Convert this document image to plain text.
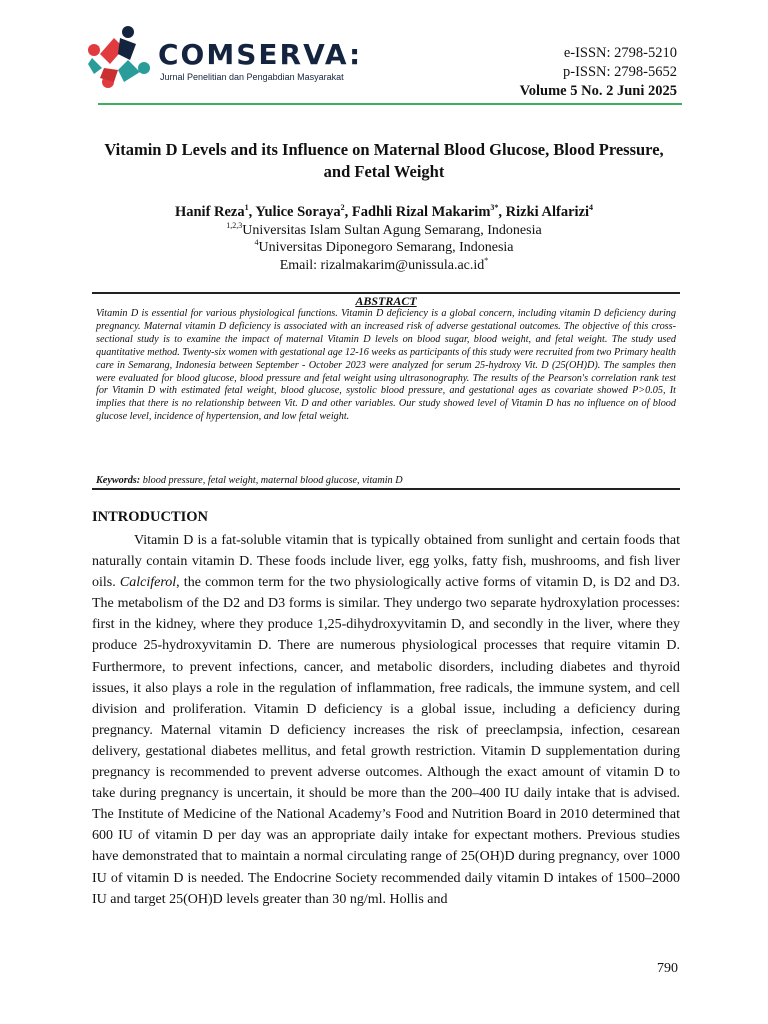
COMSERVA:
Jurnal Penelitian dan Pengabdian Masyarakat
e-ISSN: 2798-5210
p-ISSN: 2798-5652
Volume 5 No. 2 Juni 2025
Vitamin D Levels and its Influence on Maternal Blood Glucose, Blood Pressure, and Fetal Weight
Hanif Reza$^1$, Yulice Soraya$^2$, Fadhli Rizal Makarim$^{3*}$, Rizki Alfarizi$^4$
$^{1,2,3}$Universitas Islam Sultan Agung Semarang, Indonesia
$^4$Universitas Diponegoro Semarang, Indonesia
Email: rizalmakarim@unissula.ac.id*
ABSTRACT
Vitamin D is essential for various physiological functions. Vitamin D deficiency is a global concern, including vitamin D deficiency during pregnancy. Maternal vitamin D deficiency is associated with an increased risk of adverse gestational outcomes. The objective of this cross-sectional study is to examine the impact of maternal Vitamin D levels on blood sugar, blood weight, and fetal weight. The study used quantitative method. Twenty-six women with gestational age 12-16 weeks as participants of this study were recruited from two Primary health care in Semarang, Indonesia between September - October 2023 were analyzed for serum 25-hydroxy Vit. D (25(OH)D). The samples then were evaluated for blood glucose, blood pressure and fetal weight using ultrasonography. The results of the Pearson's correlation rank test for Vitamin D with estimated fetal weight, blood glucose, systolic blood pressure, and gestational ages as covariate showed P>0.05, It implies that there is no relationship between Vit. D and other variables. Our study showed level of Vitamin D has no influence on of blood glucose level, incidence of hypertension, and low fetal weight.
Keywords: blood pressure, fetal weight, maternal blood glucose, vitamin D
INTRODUCTION
Vitamin D is a fat-soluble vitamin that is typically obtained from sunlight and certain foods that naturally contain vitamin D. These foods include liver, egg yolks, fatty fish, mushrooms, and fish liver oils. Calciferol, the common term for the two physiologically active forms of vitamin D, is D2 and D3. The metabolism of the D2 and D3 forms is similar. They undergo two separate hydroxylation processes: first in the kidney, where they produce 1,25-dihydroxyvitamin D, and secondly in the liver, where they produce 25-hydroxyvitamin D. There are numerous physiological processes that require vitamin D. Furthermore, to prevent infections, cancer, and metabolic disorders, including diabetes and thyroid issues, it also plays a role in the regulation of inflammation, free radicals, the immune system, and cell division and proliferation. Vitamin D deficiency is a global issue, including a deficiency during pregnancy. Maternal vitamin D deficiency increases the risk of preeclampsia, infection, cesarean delivery, gestational diabetes mellitus, and fetal growth restriction. Vitamin D supplementation during pregnancy is recommended to prevent adverse outcomes. Although the exact amount of vitamin D to take during pregnancy is uncertain, it should be more than the 200–400 IU daily intake that is advised. The Institute of Medicine of the National Academy’s Food and Nutrition Board in 2010 determined that 600 IU of vitamin D per day was an appropriate daily intake for expectant mothers. Previous studies have demonstrated that to maintain a normal circulating range of 25(OH)D during pregnancy, over 1000 IU of vitamin D is needed. The Endocrine Society recommended daily vitamin D intakes of 1500–2000 IU and target 25(OH)D levels greater than 30 ng/ml. Hollis and
790
